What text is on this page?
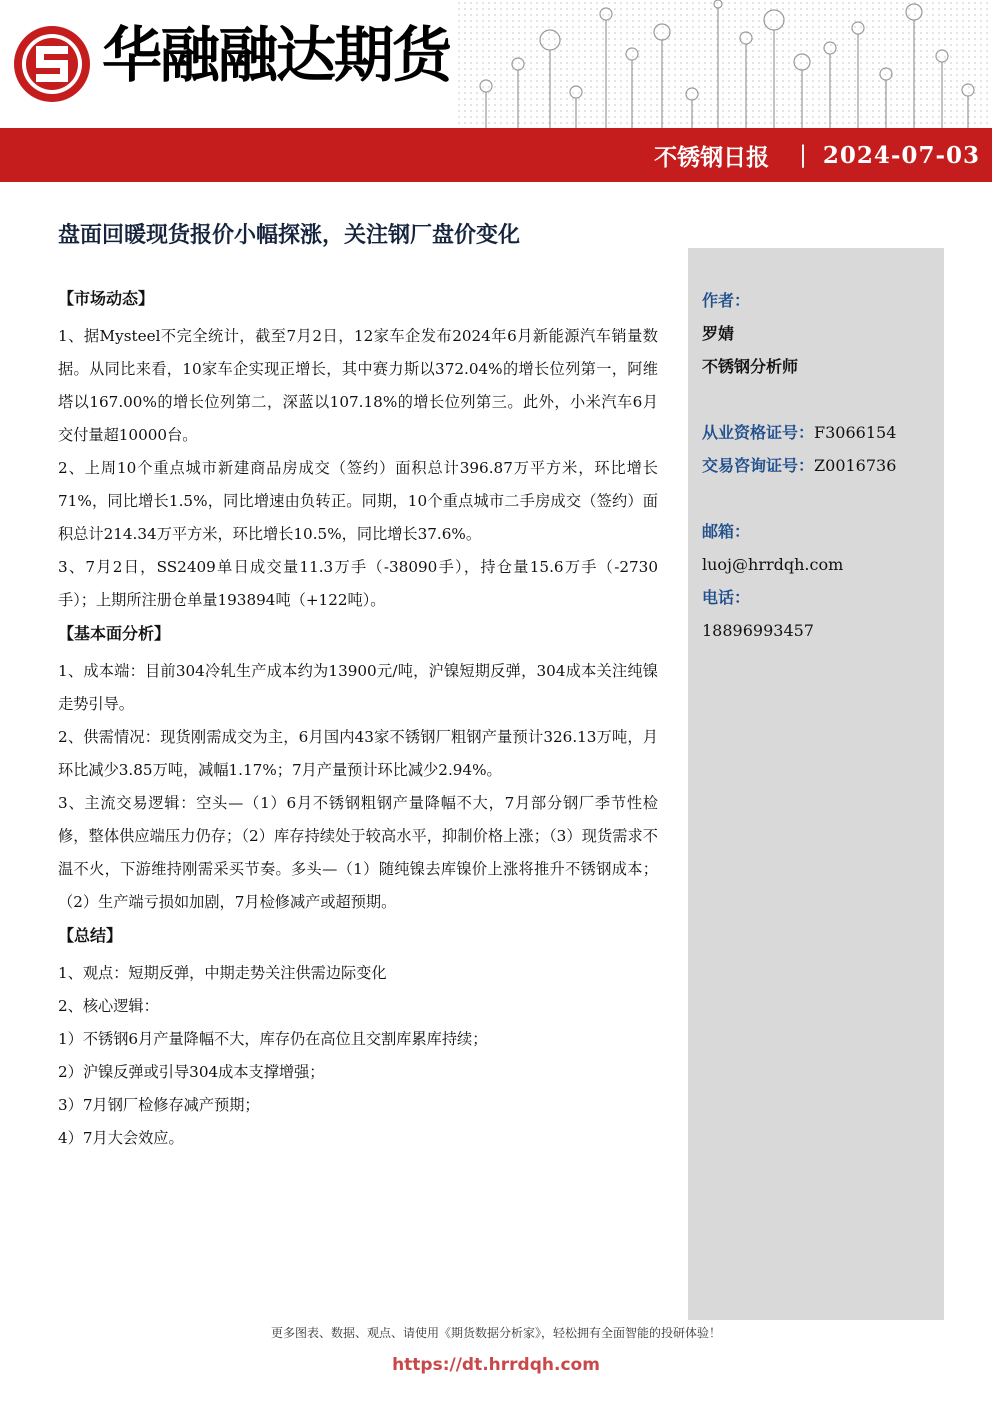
华融融达期货
不锈钢日报 | 2024-07-03
盘面回暖现货报价小幅探涨，关注钢厂盘价变化
【市场动态】

1、据Mysteel不完全统计，截至7月2日，12家车企发布2024年6月新能源汽车销量数据。从同比来看，10家车企实现正增长，其中赛力斯以372.04%的增长位列第一，阿维塔以167.00%的增长位列第二，深蓝以107.18%的增长位列第三。此外，小米汽车6月交付量超10000台。

2、上周10个重点城市新建商品房成交（签约）面积总计396.87万平方米，环比增长71%，同比增长1.5%，同比增速由负转正。同期，10个重点城市二手房成交（签约）面积总计214.34万平方米，环比增长10.5%，同比增长37.6%。

3、7月2日，SS2409单日成交量11.3万手（-38090手），持仓量15.6万手（-2730手）；上期所注册仓单量193894吨（+122吨）。

【基本面分析】

1、成本端：目前304冷轧生产成本约为13900元/吨，沪镍短期反弹，304成本关注纯镍走势引导。

2、供需情况：现货刚需成交为主，6月国内43家不锈钢厂粗钢产量预计326.13万吨，月环比减少3.85万吨，减幅1.17%；7月产量预计环比减少2.94%。

3、主流交易逻辑：空头—（1）6月不锈钢粗钢产量降幅不大，7月部分钢厂季节性检修，整体供应端压力仍存；（2）库存持续处于较高水平，抑制价格上涨；（3）现货需求不温不火，下游维持刚需采买节奏。多头—（1）随纯镍去库镍价上涨将推升不锈钢成本；（2）生产端亏损如加剧，7月检修减产或超预期。

【总结】

1、观点：短期反弹，中期走势关注供需边际变化

2、核心逻辑：

1）不锈钢6月产量降幅不大，库存仍在高位且交割库累库持续；

2）沪镍反弹或引导304成本支撑增强；

3）7月钢厂检修存减产预期；

4）7月大会效应。

作者：
罗婧
不锈钢分析师
从业资格证号：F3066154
交易咨询证号：Z0016736
邮箱：
luoj@hrrdqh.com
电话：
18896993457
更多图表、数据、观点、请使用《期货数据分析家》，轻松拥有全面智能的投研体验！
https://dt.hrrdqh.com
